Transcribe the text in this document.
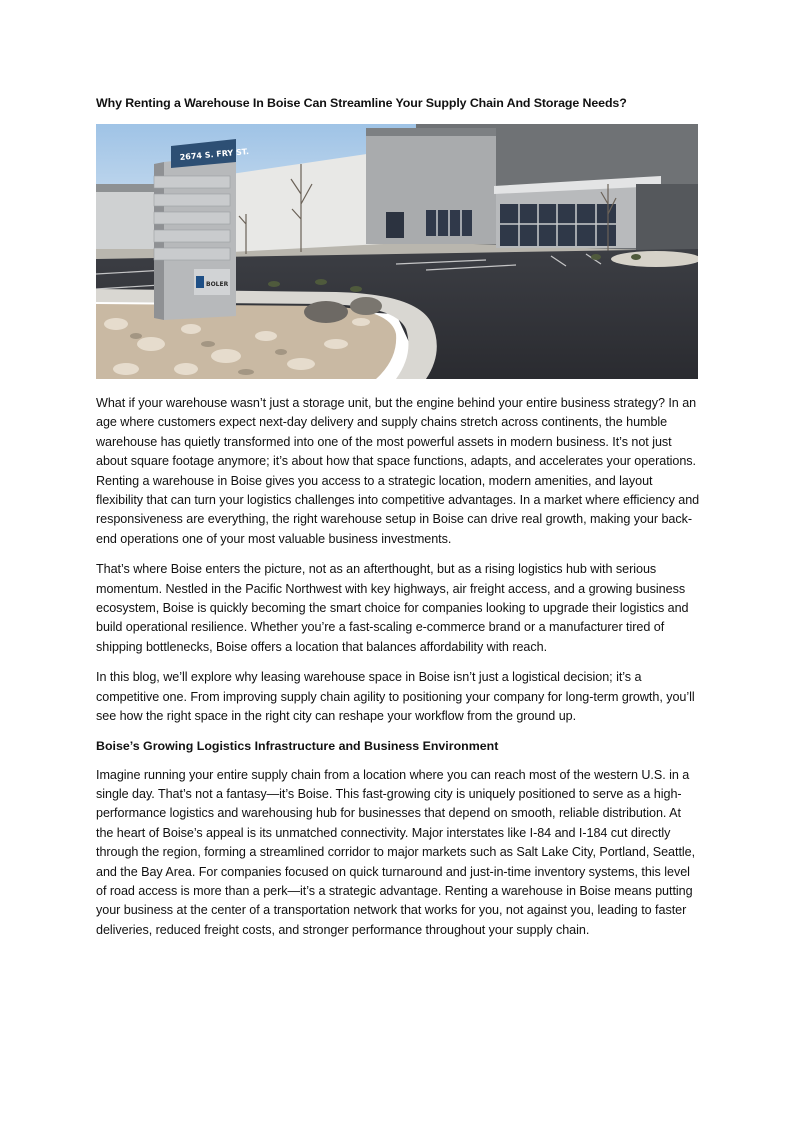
Why Renting a Warehouse In Boise Can Streamline Your Supply Chain And Storage Needs?
2674 S. FRY ST.
BOLER

What if your warehouse wasn’t just a storage unit, but the engine behind your entire business strategy? In an age where customers expect next-day delivery and supply chains stretch across continents, the humble warehouse has quietly transformed into one of the most powerful assets in modern business. It’s not just about square footage anymore; it’s about how that space functions, adapts, and accelerates your operations. Renting a warehouse in Boise gives you access to a strategic location, modern amenities, and layout flexibility that can turn your logistics challenges into competitive advantages. In a market where efficiency and responsiveness are everything, the right warehouse setup in Boise can drive real growth, making your back-end operations one of your most valuable business investments.

That’s where Boise enters the picture, not as an afterthought, but as a rising logistics hub with serious momentum. Nestled in the Pacific Northwest with key highways, air freight access, and a growing business ecosystem, Boise is quickly becoming the smart choice for companies looking to upgrade their logistics and build operational resilience. Whether you’re a fast-scaling e-commerce brand or a manufacturer tired of shipping bottlenecks, Boise offers a location that balances affordability with reach.

In this blog, we’ll explore why leasing warehouse space in Boise isn’t just a logistical decision; it’s a competitive one. From improving supply chain agility to positioning your company for long-term growth, you’ll see how the right space in the right city can reshape your workflow from the ground up.

Boise’s Growing Logistics Infrastructure and Business Environment

Imagine running your entire supply chain from a location where you can reach most of the western U.S. in a single day. That’s not a fantasy—it’s Boise. This fast-growing city is uniquely positioned to serve as a high-performance logistics and warehousing hub for businesses that depend on smooth, reliable distribution. At the heart of Boise’s appeal is its unmatched connectivity. Major interstates like I-84 and I-184 cut directly through the region, forming a streamlined corridor to major markets such as Salt Lake City, Portland, Seattle, and the Bay Area. For companies focused on quick turnaround and just-in-time inventory systems, this level of road access is more than a perk—it’s a strategic advantage. Renting a warehouse in Boise means putting your business at the center of a transportation network that works for you, not against you, leading to faster deliveries, reduced freight costs, and stronger performance throughout your supply chain.
